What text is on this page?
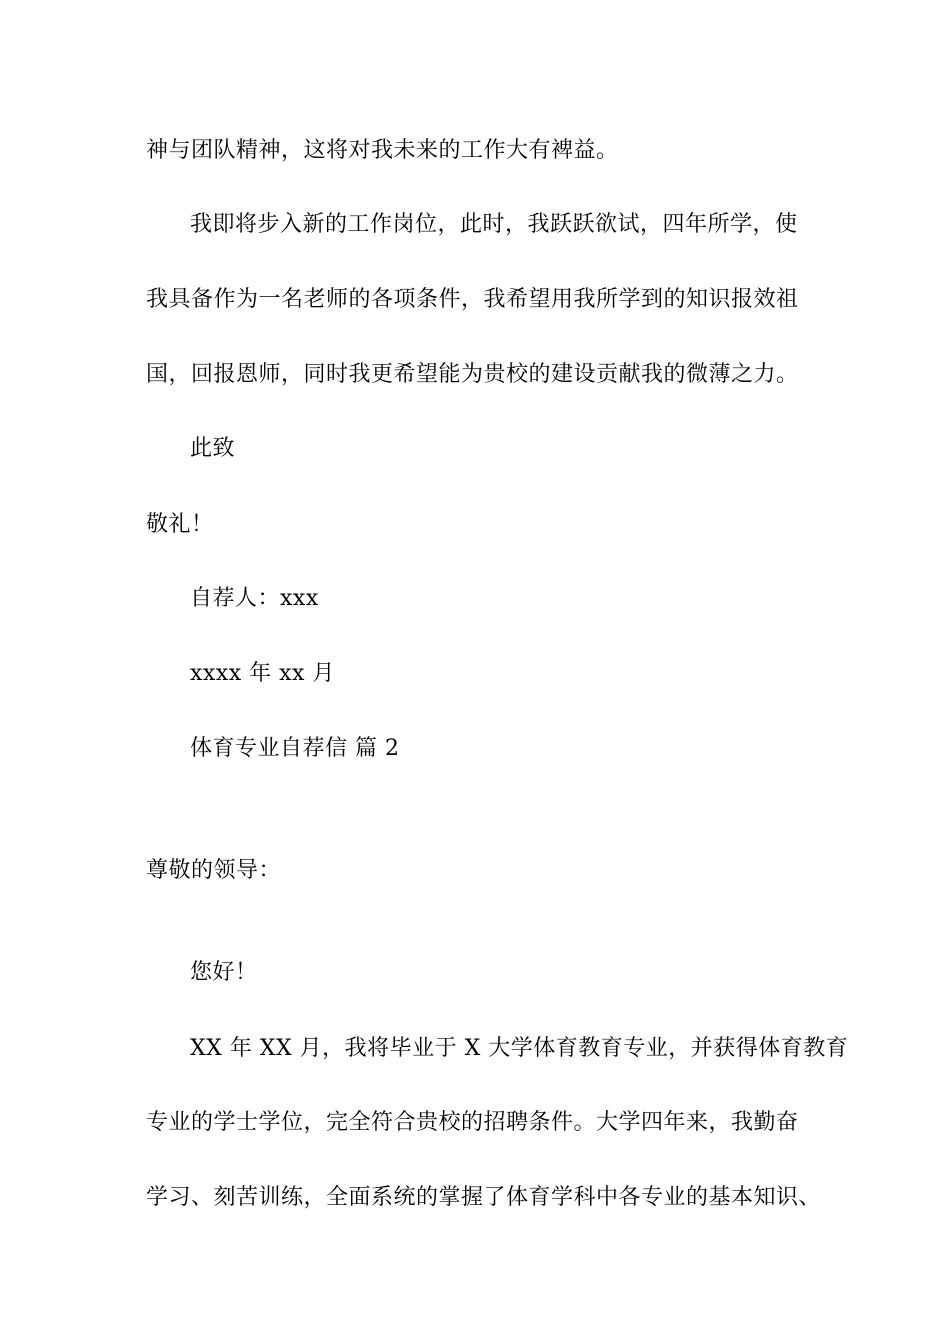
神与团队精神，这将对我未来的工作大有裨益。
我即将步入新的工作岗位，此时，我跃跃欲试，四年所学，使
我具备作为一名老师的各项条件，我希望用我所学到的知识报效祖
国，回报恩师，同时我更希望能为贵校的建设贡献我的微薄之力。
此致
敬礼！
自荐人：xxx
xxxx 年 xx 月
体育专业自荐信 篇 2
尊敬的领导：
您好！
XX 年 XX 月，我将毕业于 X 大学体育教育专业，并获得体育教育
专业的学士学位，完全符合贵校的招聘条件。大学四年来，我勤奋
学习、刻苦训练，全面系统的掌握了体育学科中各专业的基本知识、
